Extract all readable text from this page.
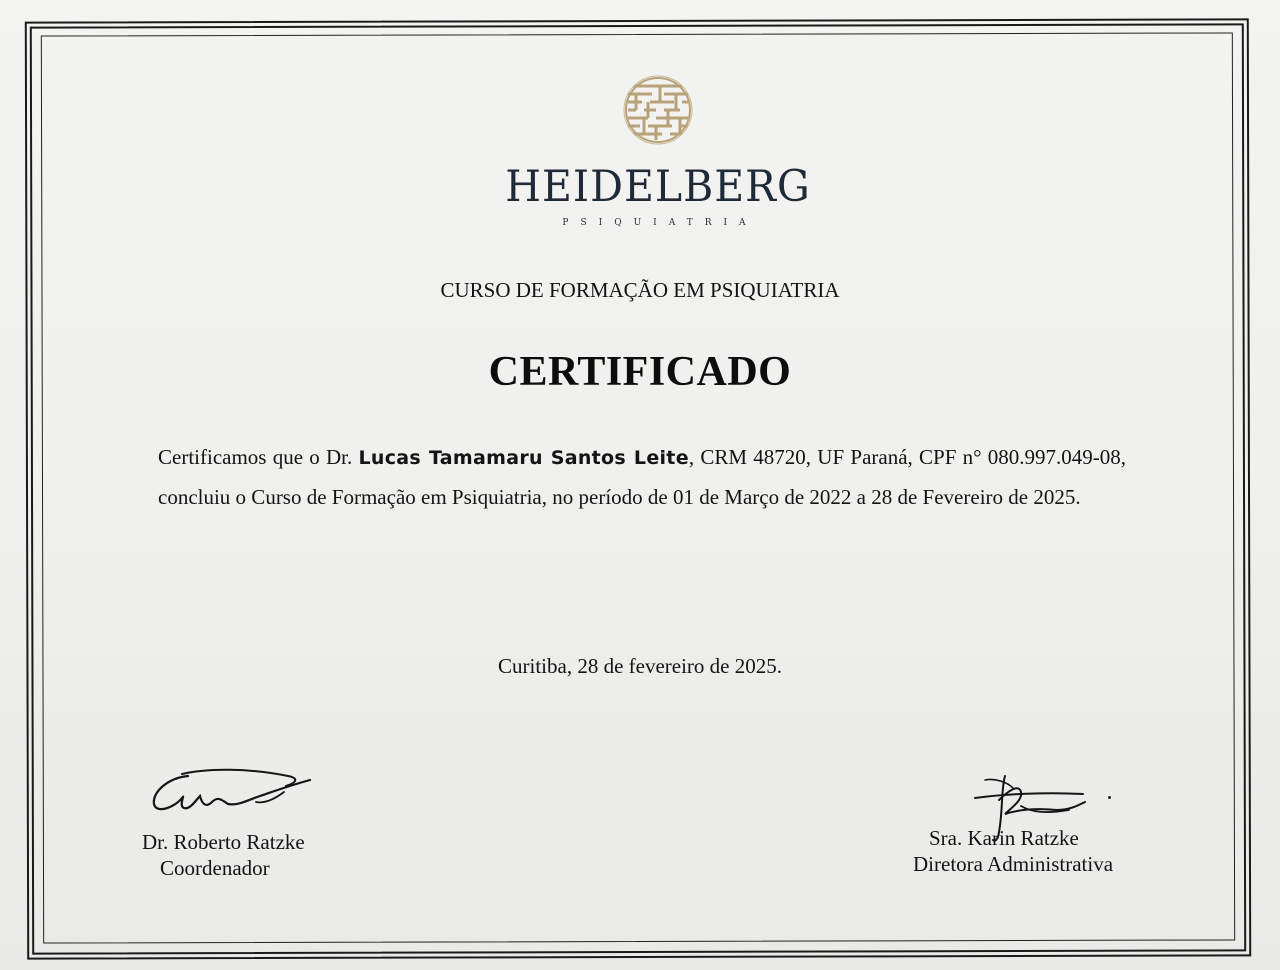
HEIDELBERG
PSIQUIATRIA
CURSO DE FORMAÇÃO EM PSIQUIATRIA
CERTIFICADO
Certificamos que o Dr. Lucas Tamamaru Santos Leite, CRM 48720, UF Paraná, CPF n° 080.997.049-08, concluiu o Curso de Formação em Psiquiatria, no período de 01 de Março de 2022 a 28 de Fevereiro de 2025.
Curitiba, 28 de fevereiro de 2025.
Dr. Roberto Ratzke
Coordenador
Sra. Karin Ratzke
Diretora Administrativa
